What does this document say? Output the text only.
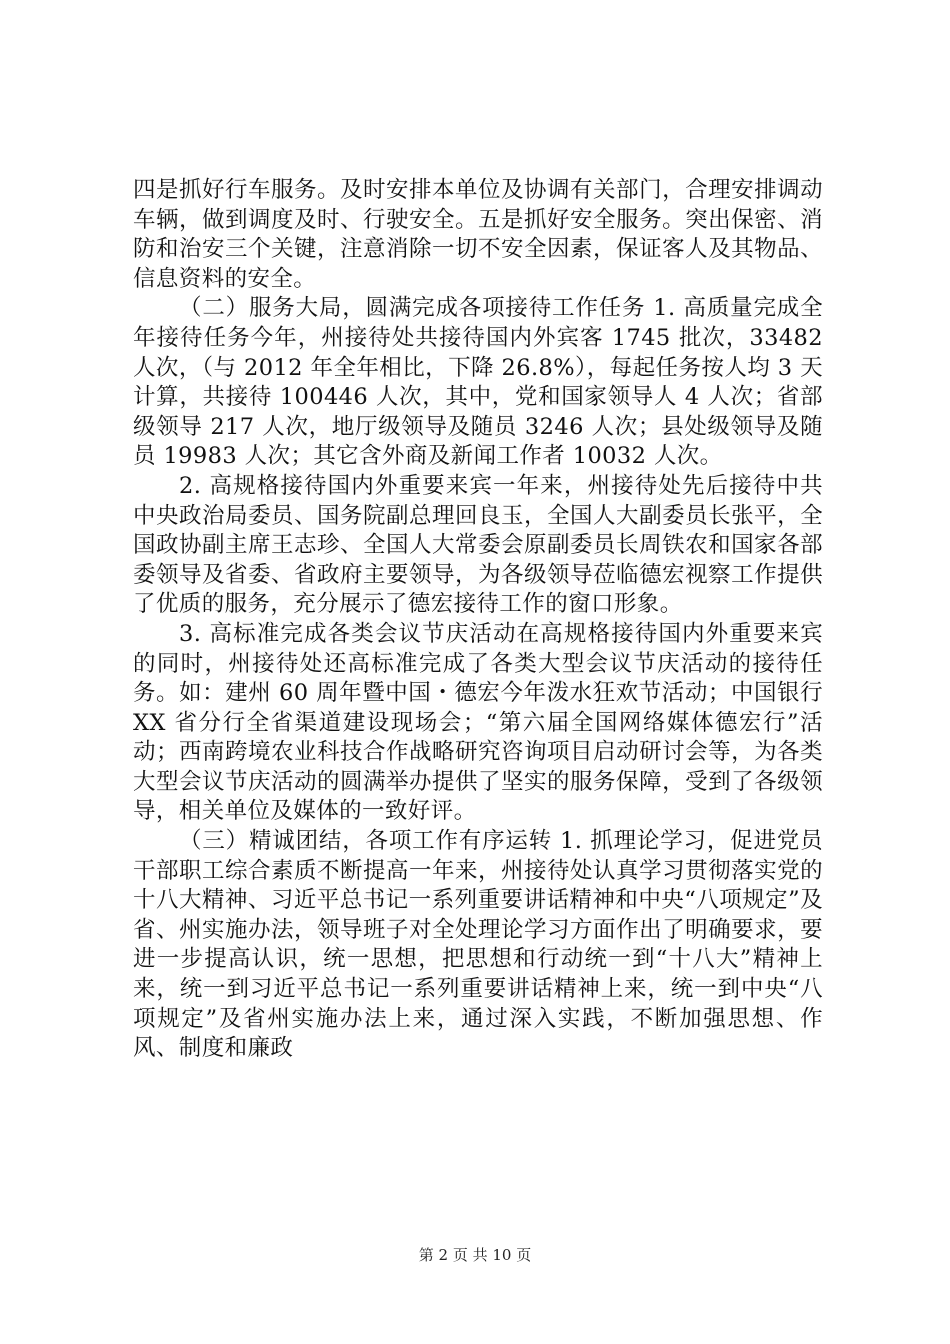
四是抓好行车服务。及时安排本单位及协调有关部门，合理安排调动车辆，做到调度及时、行驶安全。五是抓好安全服务。突出保密、消防和治安三个关键，注意消除一切不安全因素，保证客人及其物品、信息资料的安全。

（二）服务大局，圆满完成各项接待工作任务 1. 高质量完成全年接待任务今年，州接待处共接待国内外宾客 1745 批次，33482 人次，（与 2012 年全年相比，下降 26.8%），每起任务按人均 3 天计算，共接待 100446 人次，其中，党和国家领导人 4 人次；省部级领导 217 人次，地厅级领导及随员 3246 人次；县处级领导及随员 19983 人次；其它含外商及新闻工作者 10032 人次。

2. 高规格接待国内外重要来宾一年来，州接待处先后接待中共中央政治局委员、国务院副总理回良玉，全国人大副委员长张平，全国政协副主席王志珍、全国人大常委会原副委员长周铁农和国家各部委领导及省委、省政府主要领导，为各级领导莅临德宏视察工作提供了优质的服务，充分展示了德宏接待工作的窗口形象。

3. 高标准完成各类会议节庆活动在高规格接待国内外重要来宾的同时，州接待处还高标准完成了各类大型会议节庆活动的接待任务。如：建州 60 周年暨中国・德宏今年泼水狂欢节活动；中国银行 XX 省分行全省渠道建设现场会；“第六届全国网络媒体德宏行”活动；西南跨境农业科技合作战略研究咨询项目启动研讨会等，为各类大型会议节庆活动的圆满举办提供了坚实的服务保障，受到了各级领导，相关单位及媒体的一致好评。

（三）精诚团结，各项工作有序运转 1. 抓理论学习，促进党员干部职工综合素质不断提高一年来，州接待处认真学习贯彻落实党的十八大精神、习近平总书记一系列重要讲话精神和中央“八项规定”及省、州实施办法，领导班子对全处理论学习方面作出了明确要求，要进一步提高认识，统一思想，把思想和行动统一到“十八大”精神上来，统一到习近平总书记一系列重要讲话精神上来，统一到中央“八项规定”及省州实施办法上来，通过深入实践，不断加强思想、作风、制度和廉政

第 2 页 共 10 页
